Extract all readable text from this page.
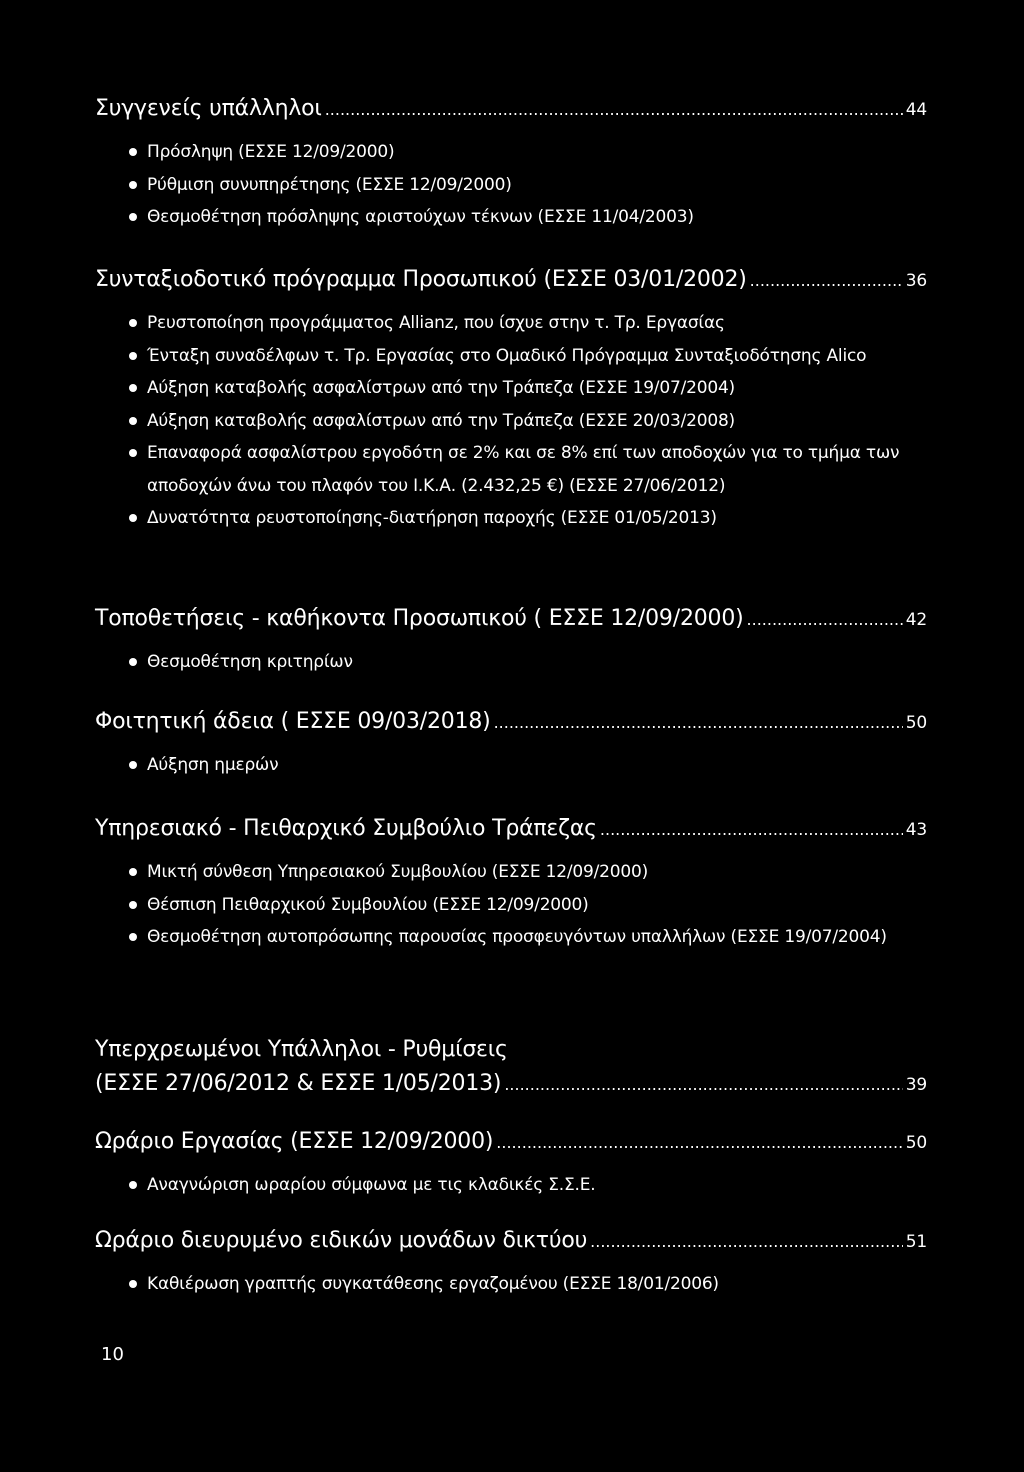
Συγγενείς υπάλληλοι .....	44
Πρόσληψη (ΕΣΣΕ 12/09/2000)
Ρύθμιση συνυπηρέτησης (ΕΣΣΕ 12/09/2000)
Θεσμοθέτηση πρόσληψης αριστούχων τέκνων (ΕΣΣΕ 11/04/2003)
Συνταξιοδοτικό πρόγραμμα Προσωπικού (ΕΣΣΕ 03/01/2002) .....	36
Ρευστοποίηση προγράμματος Allianz, που ίσχυε στην τ. Τρ. Εργασίας
Ένταξη συναδέλφων τ. Τρ. Εργασίας στο Ομαδικό Πρόγραμμα Συνταξιοδότησης Alico
Αύξηση καταβολής ασφαλίστρων από την Τράπεζα (ΕΣΣΕ 19/07/2004)
Αύξηση καταβολής ασφαλίστρων από την Τράπεζα (ΕΣΣΕ 20/03/2008)
Επαναφορά ασφαλίστρου εργοδότη σε 2% και σε 8% επί των αποδοχών για το τμήμα των αποδοχών άνω του πλαφόν του Ι.Κ.Α. (2.432,25 €) (ΕΣΣΕ 27/06/2012)
Δυνατότητα ρευστοποίησης-διατήρηση παροχής (ΕΣΣΕ 01/05/2013)
Τοποθετήσεις - καθήκοντα Προσωπικού ( ΕΣΣΕ 12/09/2000) .....	42
Θεσμοθέτηση κριτηρίων
Φοιτητική άδεια ( ΕΣΣΕ 09/03/2018) .....	50
Αύξηση ημερών
Υπηρεσιακό - Πειθαρχικό Συμβούλιο Τράπεζας .....	43
Μικτή σύνθεση Υπηρεσιακού Συμβουλίου (ΕΣΣΕ 12/09/2000)
Θέσπιση Πειθαρχικού Συμβουλίου (ΕΣΣΕ 12/09/2000)
Θεσμοθέτηση αυτοπρόσωπης παρουσίας προσφευγόντων υπαλλήλων (ΕΣΣΕ 19/07/2004)
Υπερχρεωμένοι Υπάλληλοι - Ρυθμίσεις
(ΕΣΣΕ 27/06/2012 & ΕΣΣΕ 1/05/2013) .....	39
Ωράριο Εργασίας (ΕΣΣΕ 12/09/2000) .....	50
Αναγνώριση ωραρίου σύμφωνα με τις κλαδικές Σ.Σ.Ε.
Ωράριο διευρυμένο ειδικών μονάδων δικτύου .....	51
Καθιέρωση γραπτής συγκατάθεσης εργαζομένου (ΕΣΣΕ 18/01/2006)
10
